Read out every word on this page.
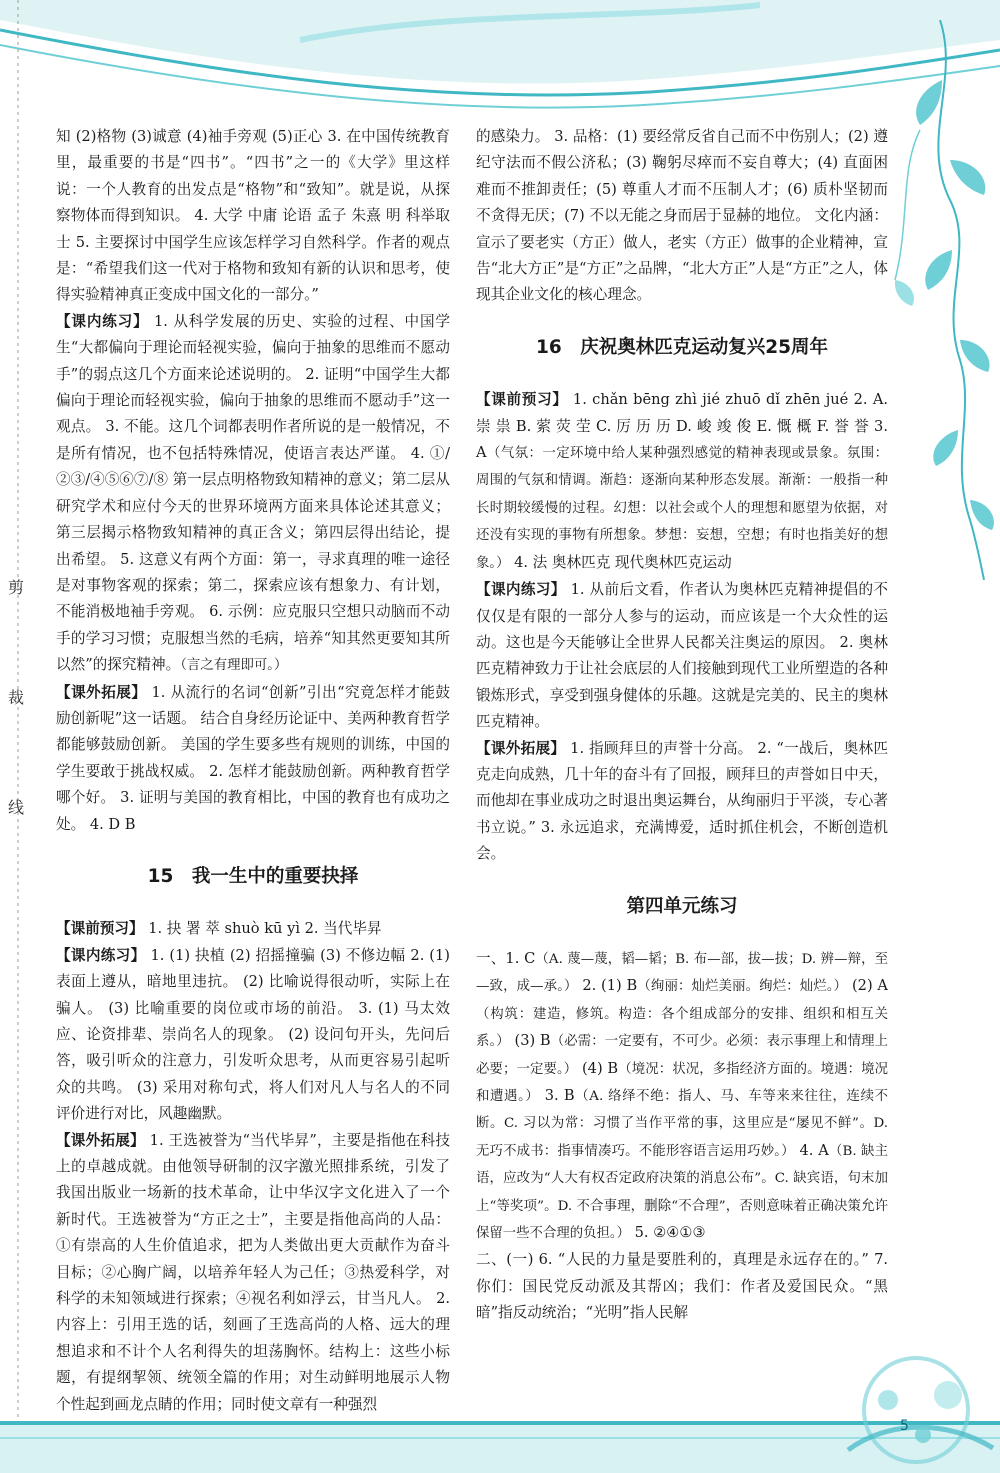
剪
裁
线

知 (2)格物 (3)诚意 (4)袖手旁观 (5)正心 3. 在中国传统教育里，最重要的书是“四书”。“四书”之一的《大学》里这样说：一个人教育的出发点是“格物”和“致知”。就是说，从探察物体而得到知识。 4. 大学 中庸 论语 孟子 朱熹 明 科举取士 5. 主要探讨中国学生应该怎样学习自然科学。作者的观点是：“希望我们这一代对于格物和致知有新的认识和思考，使得实验精神真正变成中国文化的一部分。”

【课内练习】 1. 从科学发展的历史、实验的过程、中国学生“大都偏向于理论而轻视实验，偏向于抽象的思维而不愿动手”的弱点这几个方面来论述说明的。 2. 证明“中国学生大都偏向于理论而轻视实验，偏向于抽象的思维而不愿动手”这一观点。 3. 不能。这几个词都表明作者所说的是一般情况，不是所有情况，也不包括特殊情况，使语言表达严谨。 4. ①/②③/④⑤⑥⑦/⑧ 第一层点明格物致知精神的意义；第二层从研究学术和应付今天的世界环境两方面来具体论述其意义；第三层揭示格物致知精神的真正含义；第四层得出结论，提出希望。 5. 这意义有两个方面：第一，寻求真理的唯一途径是对事物客观的探索；第二，探索应该有想象力、有计划，不能消极地袖手旁观。 6. 示例：应克服只空想只动脑而不动手的学习习惯；克服想当然的毛病，培养“知其然更要知其所以然”的探究精神。（言之有理即可。）

【课外拓展】 1. 从流行的名词“创新”引出“究竟怎样才能鼓励创新呢”这一话题。 结合自身经历论证中、美两种教育哲学都能够鼓励创新。 美国的学生要多些有规则的训练，中国的学生要敢于挑战权威。 2. 怎样才能鼓励创新。两种教育哲学哪个好。 3. 证明与美国的教育相比，中国的教育也有成功之处。 4. D B

15　我一生中的重要抉择

【课前预习】 1. 抉 署 萃 shuò kū yì 2. 当代毕昇

【课内练习】 1. (1) 抉植 (2) 招摇撞骗 (3) 不修边幅 2. (1) 表面上遵从，暗地里违抗。 (2) 比喻说得很动听，实际上在骗人。 (3) 比喻重要的岗位或市场的前沿。 3. (1) 马太效应、论资排辈、崇尚名人的现象。 (2) 设问句开头，先问后答，吸引听众的注意力，引发听众思考，从而更容易引起听众的共鸣。 (3) 采用对称句式，将人们对凡人与名人的不同评价进行对比，风趣幽默。

【课外拓展】 1. 王选被誉为“当代毕昇”，主要是指他在科技上的卓越成就。由他领导研制的汉字激光照排系统，引发了我国出版业一场新的技术革命，让中华汉字文化进入了一个新时代。王选被誉为“方正之士”，主要是指他高尚的人品：①有崇高的人生价值追求，把为人类做出更大贡献作为奋斗目标；②心胸广阔，以培养年轻人为己任；③热爱科学，对科学的未知领域进行探索；④视名利如浮云，甘当凡人。 2. 内容上：引用王选的话，刻画了王选高尚的人格、远大的理想追求和不计个人名利得失的坦荡胸怀。结构上：这些小标题，有提纲挈领、统领全篇的作用；对生动鲜明地展示人物个性起到画龙点睛的作用；同时使文章有一种强烈

的感染力。 3. 品格：(1) 要经常反省自己而不中伤别人；(2) 遵纪守法而不假公济私；(3) 鞠躬尽瘁而不妄自尊大；(4) 直面困难而不推卸责任；(5) 尊重人才而不压制人才；(6) 质朴坚韧而不贪得无厌；(7) 不以无能之身而居于显赫的地位。 文化内涵：宣示了要老实（方正）做人，老实（方正）做事的企业精神，宣告“北大方正”是“方正”之品牌，“北大方正”人是“方正”之人，体现其企业文化的核心理念。

16　庆祝奥林匹克运动复兴25周年

【课前预习】 1. chǎn bēng zhì jié zhuō dǐ zhēn jué 2. A. 崇 祟 B. 萦 荧 茔 C. 厉 历 历 D. 峻 竣 俊 E. 慨 概 F. 誉 誉 3. A（气氛：一定环境中给人某种强烈感觉的精神表现或景象。氛围：周围的气氛和情调。渐趋：逐渐向某种形态发展。渐渐：一般指一种长时期较缓慢的过程。幻想：以社会或个人的理想和愿望为依据，对还没有实现的事物有所想象。梦想：妄想，空想；有时也指美好的想象。） 4. 法 奥林匹克 现代奥林匹克运动

【课内练习】 1. 从前后文看，作者认为奥林匹克精神提倡的不仅仅是有限的一部分人参与的运动，而应该是一个大众性的运动。这也是今天能够让全世界人民都关注奥运的原因。 2. 奥林匹克精神致力于让社会底层的人们接触到现代工业所塑造的各种锻炼形式，享受到强身健体的乐趣。这就是完美的、民主的奥林匹克精神。

【课外拓展】 1. 指顾拜旦的声誉十分高。 2. “一战后，奥林匹克走向成熟，几十年的奋斗有了回报，顾拜旦的声誉如日中天，而他却在事业成功之时退出奥运舞台，从绚丽归于平淡，专心著书立说。” 3. 永远追求，充满博爱，适时抓住机会，不断创造机会。

第四单元练习

一、1. C（A. 蔑—蔑，韬—韬；B. 布—部，拔—拔；D. 辨—辩，至—致，成—承。） 2. (1) B（绚丽：灿烂美丽。绚烂：灿烂。） (2) A（构筑：建造，修筑。构造：各个组成部分的安排、组织和相互关系。） (3) B（必需：一定要有，不可少。必须：表示事理上和情理上必要；一定要。） (4) B（境况：状况，多指经济方面的。境遇：境况和遭遇。） 3. B（A. 络绎不绝：指人、马、车等来来往往，连续不断。C. 习以为常：习惯了当作平常的事，这里应是“屡见不鲜”。D. 无巧不成书：指事情凑巧。不能形容语言运用巧妙。） 4. A（B. 缺主语，应改为“人大有权否定政府决策的消息公布”。C. 缺宾语，句末加上“等奖项”。D. 不合事理，删除“不合理”，否则意味着正确决策允许保留一些不合理的负担。） 5. ②④①③

二、(一) 6. “人民的力量是要胜利的，真理是永远存在的。” 7. 你们：国民党反动派及其帮凶；我们：作者及爱国民众。“黑暗”指反动统治；“光明”指人民解

5
